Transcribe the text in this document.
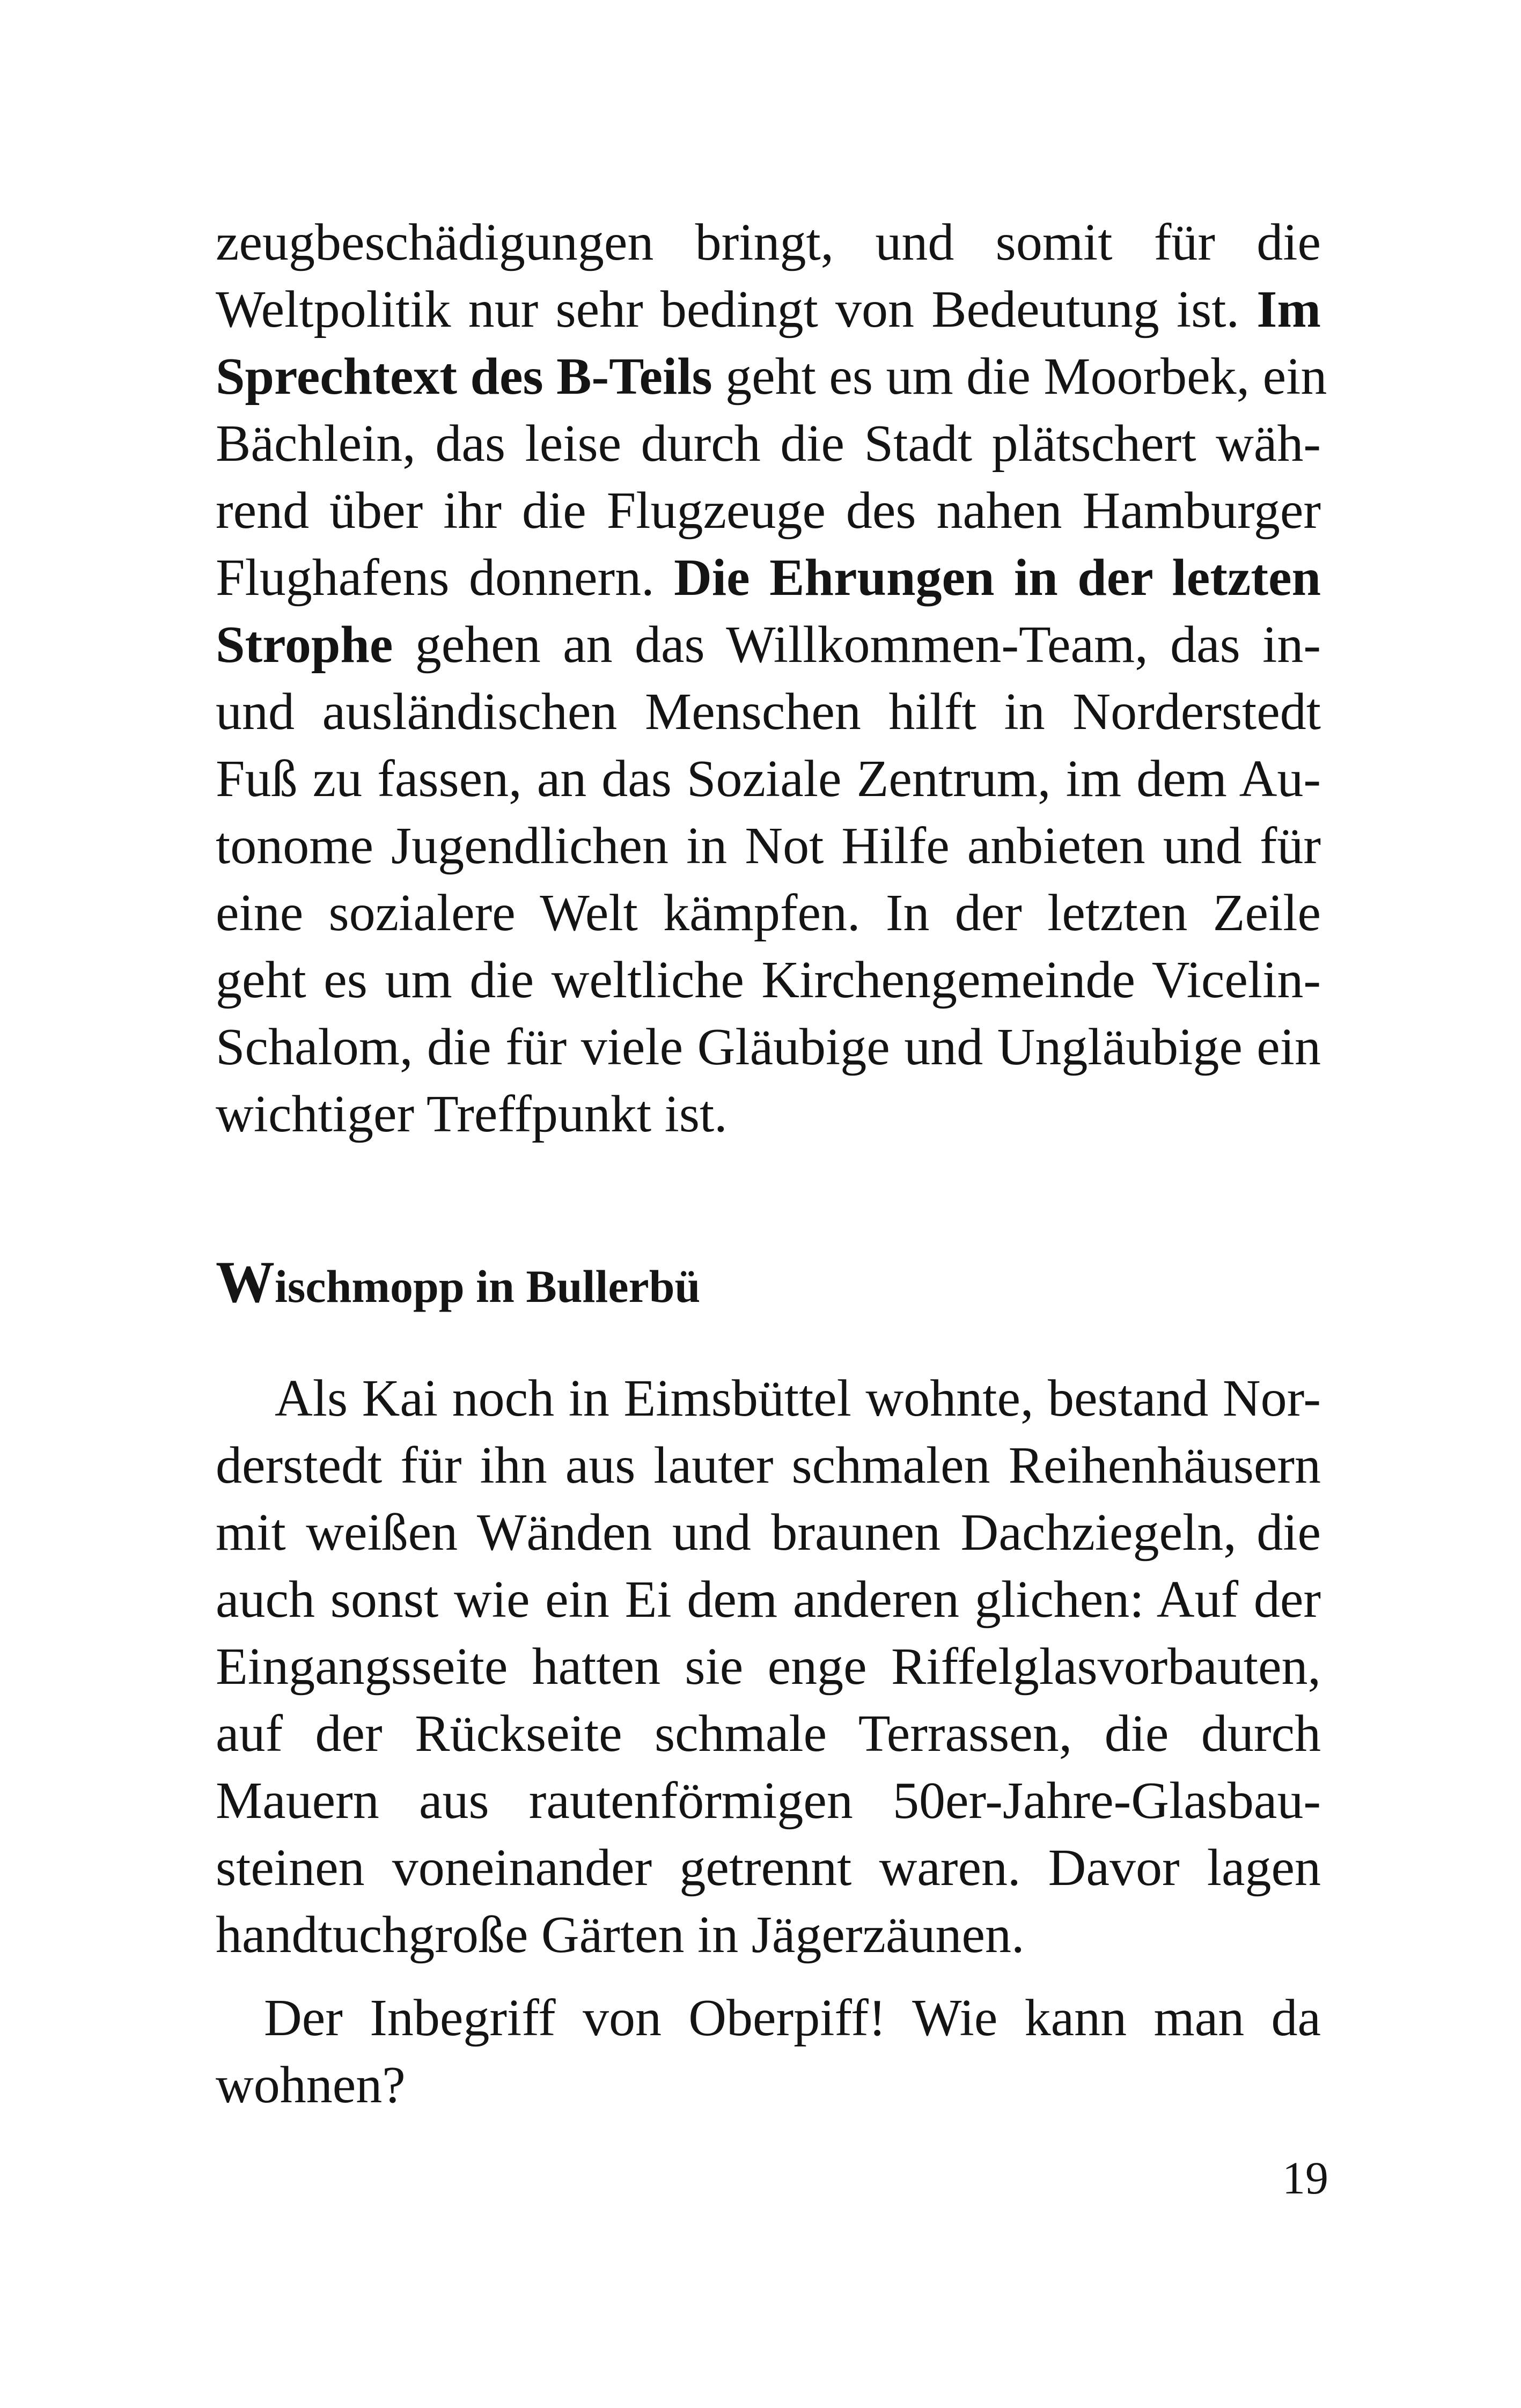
zeugbeschädigungen bringt, und somit für die
Weltpolitik nur sehr bedingt von Bedeutung ist. Im
Sprechtext des B-Teils geht es um die Moorbek, ein
Bächlein, das leise durch die Stadt plätschert wäh-
rend über ihr die Flugzeuge des nahen Hamburger
Flughafens donnern. Die Ehrungen in der letzten
Strophe gehen an das Willkommen-Team, das in-
und ausländischen Menschen hilft in Norderstedt
Fuß zu fassen, an das Soziale Zentrum, im dem Au-
tonome Jugendlichen in Not Hilfe anbieten und für
eine sozialere Welt kämpfen. In der letzten Zeile
geht es um die weltliche Kirchengemeinde Vicelin-
Schalom, die für viele Gläubige und Ungläubige ein
wichtiger Treffpunkt ist.

Wischmopp in Bullerbü

Als Kai noch in Eimsbüttel wohnte, bestand Nor-
derstedt für ihn aus lauter schmalen Reihenhäusern
mit weißen Wänden und braunen Dachziegeln, die
auch sonst wie ein Ei dem anderen glichen: Auf der
Eingangsseite hatten sie enge Riffelglasvorbauten,
auf der Rückseite schmale Terrassen, die durch
Mauern aus rautenförmigen 50er-Jahre-Glasbau-
steinen voneinander getrennt waren. Davor lagen
handtuchgroße Gärten in Jägerzäunen.

Der Inbegriff von Oberpiff! Wie kann man da
wohnen?

19
